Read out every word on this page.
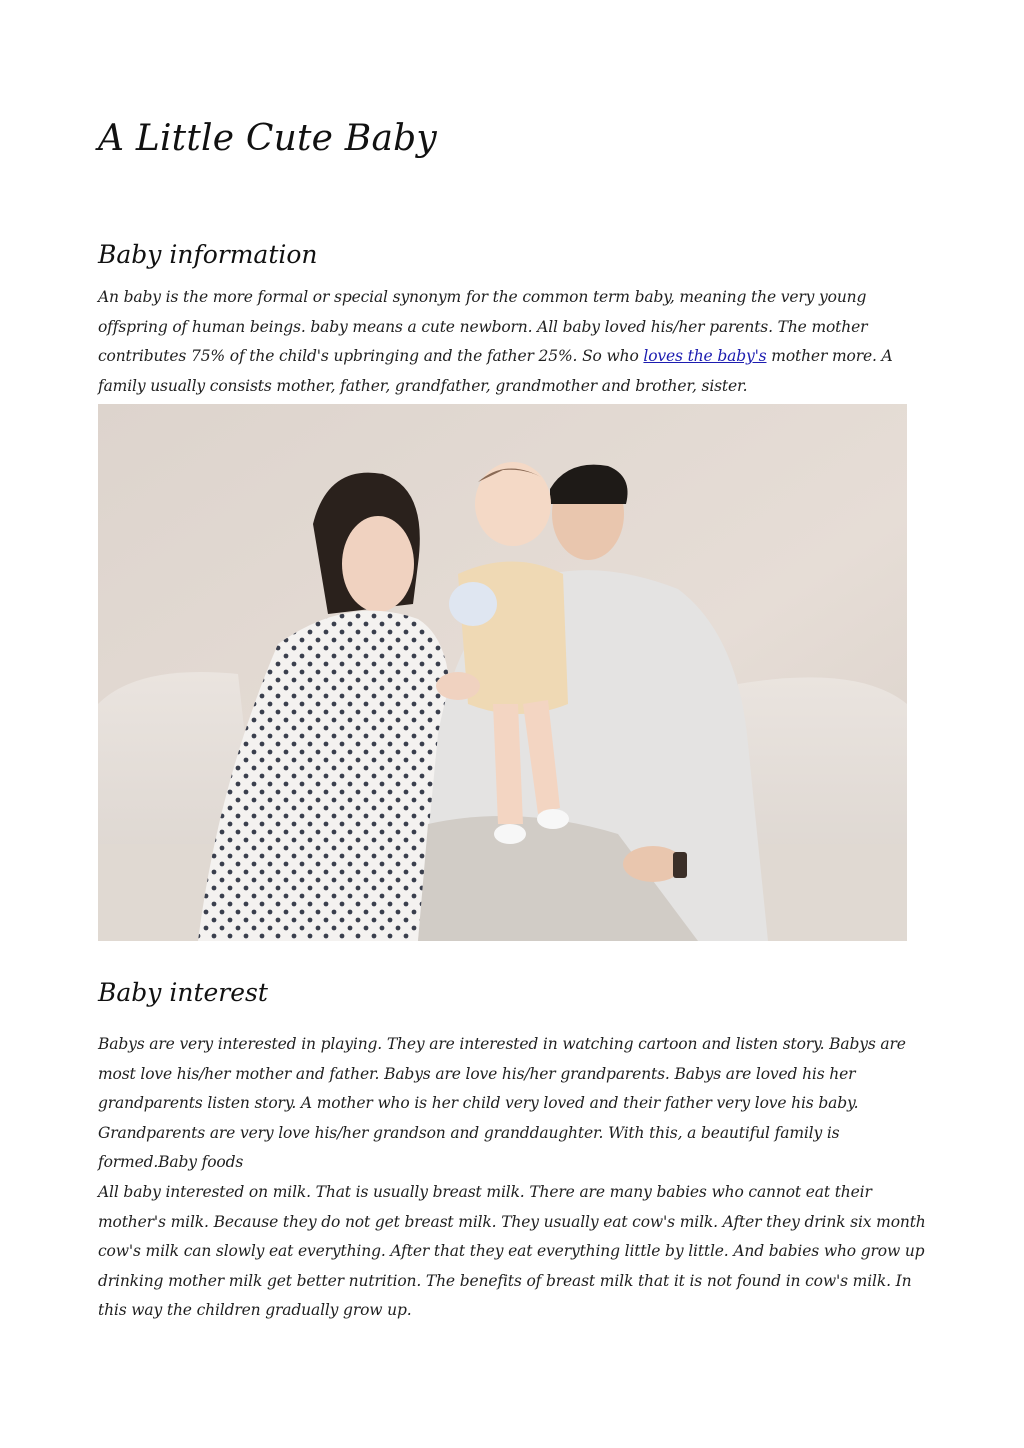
A Little Cute Baby
Baby information

An baby is the more formal or special synonym for the common term baby, meaning the very young offspring of human beings. baby means a cute newborn. All baby loved his/her parents. The mother contributes 75% of the child's upbringing and the father 25%. So who loves the baby's mother more. A family usually consists mother, father, grandfather, grandmother and brother, sister.

Baby interest

Babys are very interested in playing. They are interested in watching cartoon and listen story. Babys are most love his/her mother and father. Babys are love his/her grandparents. Babys are loved his her grandparents listen story. A mother who is her child very loved and their father very love his baby. Grandparents are very love his/her grandson and granddaughter. With this, a beautiful family is formed.Baby foods
All baby interested on milk. That is usually breast milk. There are many babies who cannot eat their mother's milk. Because they do not get breast milk. They usually eat cow's milk. After they drink six month cow's milk can slowly eat everything. After that they eat everything little by little. And babies who grow up drinking mother milk get better nutrition. The benefits of breast milk that it is not found in cow's milk. In this way the children gradually grow up.
